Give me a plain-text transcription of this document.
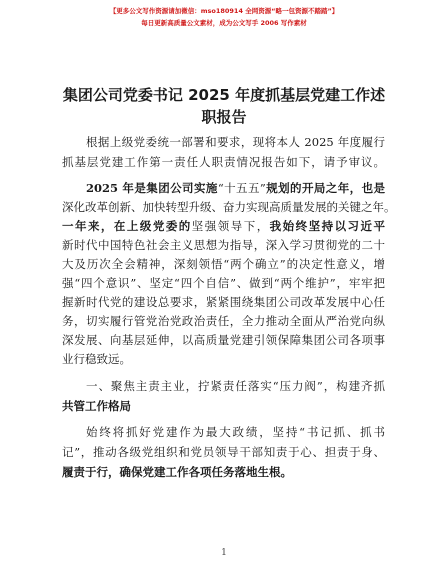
【更多公文写作资源请加微信：mso180914 全网资源“略一包资源不踏踏”】
每日更新高质量公文素材，成为公文写手 2006 写作素材
集团公司党委书记 2025 年度抓基层党建工作述
职报告
根据上级党委统一部署和要求，现将本人 2025 年度履行
抓基层党建工作第一责任人职责情况报告如下，请予审议。
2025 年是集团公司实施“十五五”规划的开局之年，也是
深化改革创新、加快转型升级、奋力实现高质量发展的关键之年。
一年来，在上级党委的坚强领导下，我始终坚持以习近平
新时代中国特色社会主义思想为指导，深入学习贯彻党的二十
大及历次全会精神，深刻领悟“两个确立”的决定性意义，增
强“四个意识”、坚定“四个自信”、做到“两个维护”，牢牢把
握新时代党的建设总要求，紧紧围绕集团公司改革发展中心任
务，切实履行管党治党政治责任，全力推动全面从严治党向纵
深发展、向基层延伸，以高质量党建引领保障集团公司各项事
业行稳致远。
一、聚焦主责主业，拧紧责任落实“压力阀”，构建齐抓
共管工作格局
始终将抓好党建作为最大政绩，坚持“书记抓、抓书
记”，推动各级党组织和党员领导干部知责于心、担责于身、
履责于行，确保党建工作各项任务落地生根。
1
